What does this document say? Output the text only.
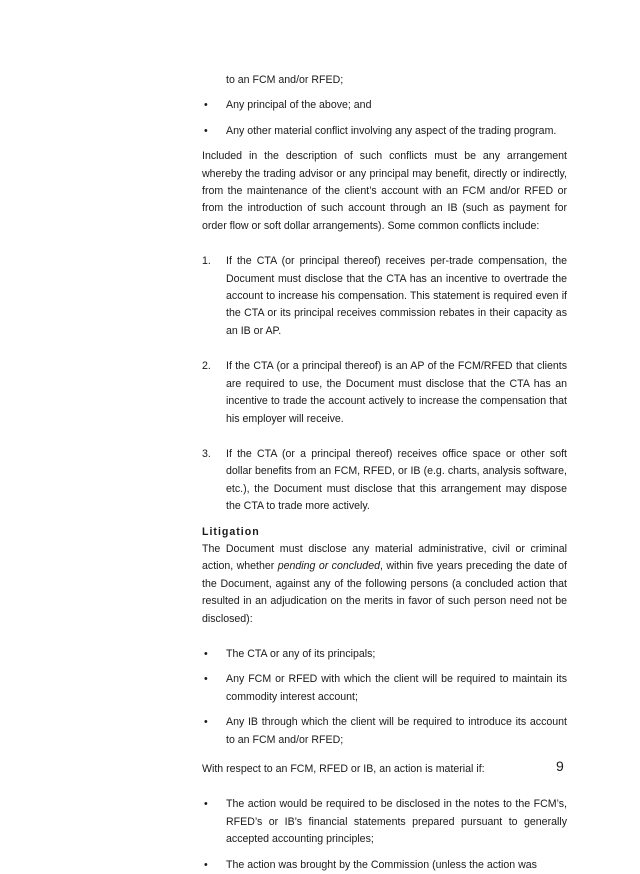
to an FCM and/or RFED;

• Any principal of the above; and

• Any other material conflict involving any aspect of the trading program.

Included in the description of such conflicts must be any arrangement whereby the trading advisor or any principal may benefit, directly or indirectly, from the maintenance of the client’s account with an FCM and/or RFED or from the introduction of such account through an IB (such as payment for order flow or soft dollar arrangements). Some common conflicts include:

1. If the CTA (or principal thereof) receives per-trade compensation, the Document must disclose that the CTA has an incentive to overtrade the account to increase his compensation. This statement is required even if the CTA or its principal receives commission rebates in their capacity as an IB or AP.

2. If the CTA (or a principal thereof) is an AP of the FCM/RFED that clients are required to use, the Document must disclose that the CTA has an incentive to trade the account actively to increase the compensation that his employer will receive.

3. If the CTA (or a principal thereof) receives office space or other soft dollar benefits from an FCM, RFED, or IB (e.g. charts, analysis software, etc.), the Document must disclose that this arrangement may dispose the CTA to trade more actively.

Litigation

The Document must disclose any material administrative, civil or criminal action, whether pending or concluded, within five years preceding the date of the Document, against any of the following persons (a concluded action that resulted in an adjudication on the merits in favor of such person need not be disclosed):

• The CTA or any of its principals;

• Any FCM or RFED with which the client will be required to maintain its commodity interest account;

• Any IB through which the client will be required to introduce its account to an FCM and/or RFED;

With respect to an FCM, RFED or IB, an action is material if:

• The action would be required to be disclosed in the notes to the FCM’s, RFED’s or IB’s financial statements prepared pursuant to generally accepted accounting principles;

• The action was brought by the Commission (unless the action was

9
